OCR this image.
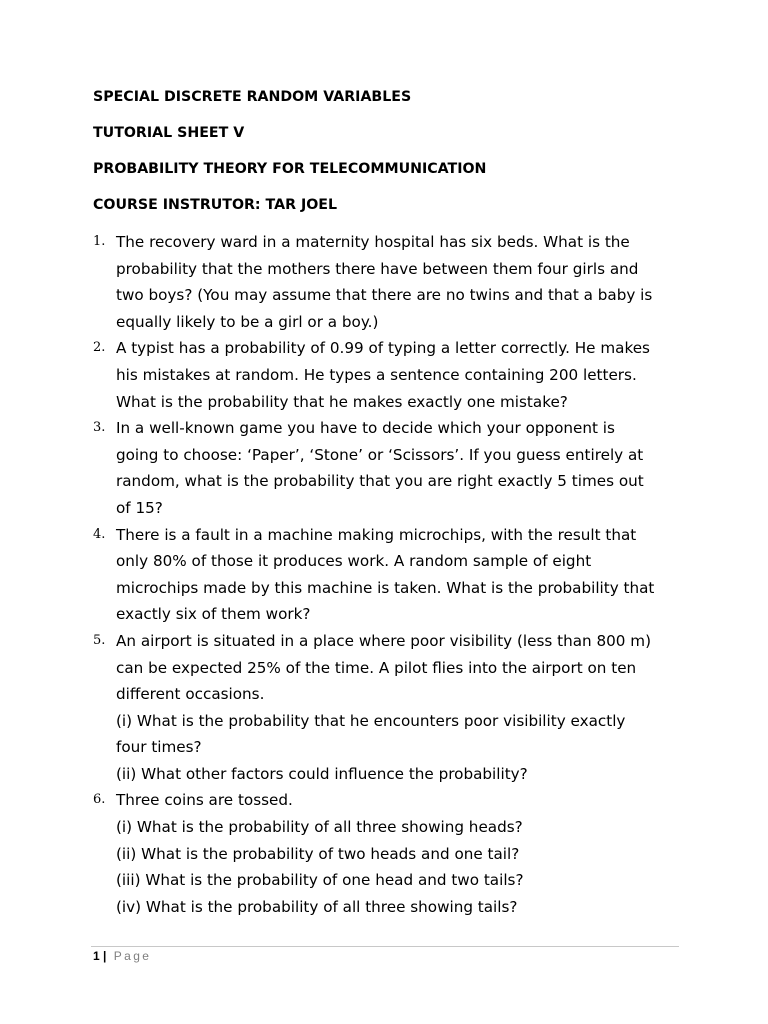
SPECIAL DISCRETE RANDOM VARIABLES
TUTORIAL SHEET V
PROBABILITY THEORY FOR TELECOMMUNICATION
COURSE INSTRUTOR: TAR JOEL
1. The recovery ward in a maternity hospital has six beds. What is the
probability that the mothers there have between them four girls and
two boys? (You may assume that there are no twins and that a baby is
equally likely to be a girl or a boy.)
2. A typist has a probability of 0.99 of typing a letter correctly. He makes
his mistakes at random. He types a sentence containing 200 letters.
What is the probability that he makes exactly one mistake?
3. In a well-known game you have to decide which your opponent is
going to choose: ‘Paper’, ‘Stone’ or ‘Scissors’. If you guess entirely at
random, what is the probability that you are right exactly 5 times out
of 15?
4. There is a fault in a machine making microchips, with the result that
only 80% of those it produces work. A random sample of eight
microchips made by this machine is taken. What is the probability that
exactly six of them work?
5. An airport is situated in a place where poor visibility (less than 800 m)
can be expected 25% of the time. A pilot flies into the airport on ten
different occasions.
(i) What is the probability that he encounters poor visibility exactly
four times?
(ii) What other factors could influence the probability?
6. Three coins are tossed.
(i) What is the probability of all three showing heads?
(ii) What is the probability of two heads and one tail?
(iii) What is the probability of one head and two tails?
(iv) What is the probability of all three showing tails?
1 | Page
